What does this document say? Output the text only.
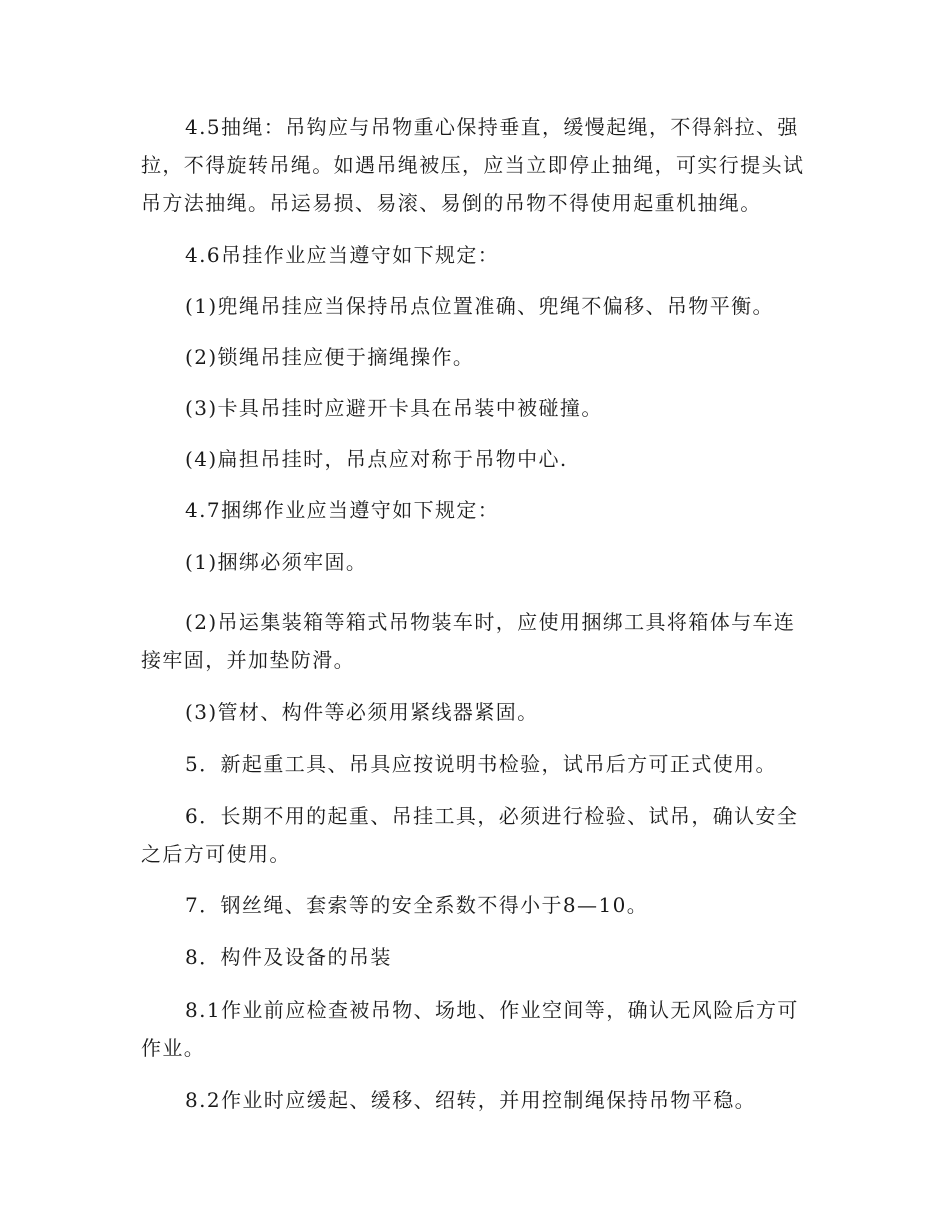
4.5抽绳：吊钩应与吊物重心保持垂直，缓慢起绳，不得斜拉、强拉，不得旋转吊绳。如遇吊绳被压，应当立即停止抽绳，可实行提头试吊方法抽绳。吊运易损、易滚、易倒的吊物不得使用起重机抽绳。

4.6吊挂作业应当遵守如下规定：

(1)兜绳吊挂应当保持吊点位置准确、兜绳不偏移、吊物平衡。

(2)锁绳吊挂应便于摘绳操作。

(3)卡具吊挂时应避开卡具在吊装中被碰撞。

(4)扁担吊挂时，吊点应对称于吊物中心.

4.7捆绑作业应当遵守如下规定：

(1)捆绑必须牢固。

(2)吊运集装箱等箱式吊物装车时，应使用捆绑工具将箱体与车连接牢固，并加垫防滑。

(3)管材、构件等必须用紧线器紧固。

5．新起重工具、吊具应按说明书检验，试吊后方可正式使用。

6．长期不用的起重、吊挂工具，必须进行检验、试吊，确认安全之后方可使用。

7．钢丝绳、套索等的安全系数不得小于8—10。

8．构件及设备的吊装

8.1作业前应检查被吊物、场地、作业空间等，确认无风险后方可作业。

8.2作业时应缓起、缓移、绍转，并用控制绳保持吊物平稳。
